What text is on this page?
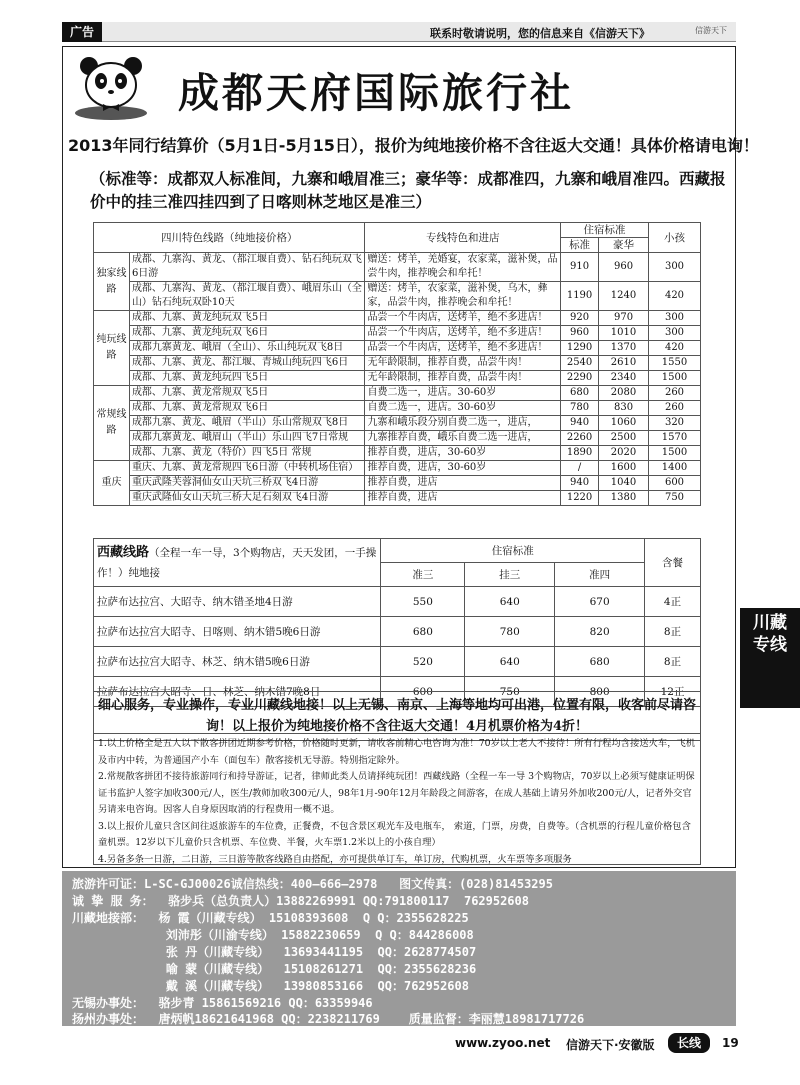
广告	联系时敬请说明，您的信息来自《信游天下》	信游天下
成都天府国际旅行社
2013年同行结算价（5月1日-5月15日），报价为纯地接价格不含往返大交通！具体价格请电询！
（标准等：成都双人标准间，九寨和峨眉准三；豪华等：成都准四，九寨和峨眉准四。西藏报价中的挂三准四挂四到了日喀则林芝地区是准三）
四川特色线路（纯地接价格）		专线特色和进店	住宿标准		小孩
			标准	豪华	
独家线路	成都、九寨沟、黄龙、（都江堰自费）、钻石纯玩双飞6日游	赠送：烤羊，羌婚宴，农家菜，滋补煲，品尝牛肉，推荐晚会和牟托！	910	960	300
	成都、九寨沟、黄龙、（都江堰自费）、峨眉乐山（全山）钻石纯玩双卧10天	赠送：烤羊，农家菜，滋补煲，乌木，彝家，品尝牛肉，推荐晚会和牟托！	1190	1240	420
纯玩线路	成都、九寨、黄龙纯玩双飞5日	品尝一个牛肉店，送烤羊，绝不多进店！	920	970	300
	成都、九寨、黄龙纯玩双飞6日	品尝一个牛肉店，送烤羊，绝不多进店！	960	1010	300
	成都九寨黄龙、峨眉（全山）、乐山纯玩双飞8日	品尝一个牛肉店，送烤羊，绝不多进店！	1290	1370	420
	成都、九寨、黄龙、都江堰、青城山纯玩四飞6日	无年龄限制，推荐自费，品尝牛肉！	2540	2610	1550
	成都、九寨、黄龙纯玩四飞5日	无年龄限制，推荐自费，品尝牛肉！	2290	2340	1500
常规线路	成都、九寨、黄龙常规双飞5日	自费二选一，进店。30-60岁	680	2080	260
	成都、九寨、黄龙常规双飞6日	自费二选一，进店。30-60岁	780	830	260
	成都九寨、黄龙、峨眉（半山）乐山常规双飞8日	九寨和峨乐段分别自费二选一，进店，	940	1060	320
	成都九寨黄龙、峨眉山（半山）乐山四飞7日常规	九寨推荐自费，峨乐自费二选一进店，	2260	2500	1570
	成都、九寨、黄龙（特价）四飞5日 常规	推荐自费，进店，30-60岁	1890	2020	1500
重庆	重庆、九寨、黄龙常规四飞6日游（中转机场住宿）	推荐自费，进店，30-60岁	/	1600	1400
	重庆武隆芙蓉洞仙女山天坑三桥双飞4日游	推荐自费，进店	940	1040	600
	重庆武隆仙女山天坑三桥大足石刻双飞4日游	推荐自费，进店	1220	1380	750
西藏线路（全程一车一导，3个购物店，天天发团，一手操作！）纯地接	住宿标准			含餐
	准三	挂三	准四	
拉萨布达拉宫、大昭寺、纳木错圣地4日游	550	640	670	4正
拉萨布达拉宫大昭寺、日喀则、纳木错5晚6日游	680	780	820	8正
拉萨布达拉宫大昭寺、林芝、纳木错5晚6日游	520	640	680	8正
拉萨布达拉宫大昭寺、日、林芝、纳木错7晚8日	600	750	800	12正
细心服务，专业操作，专业川藏线地接！以上无锡、南京、上海等地均可出港，位置有限，收客前尽请咨询！以上报价为纯地接价格不含往返大交通！4月机票价格为4折！
1.以上价格全是五人以下散客拼团近期参考价格，价格随时更新，请收客前精心电咨询为准！70岁以上老人不接待！所有行程均含接送火车，飞机及市内中转，为普通国产小车（面包车）散客接机无导游。特别指定除外。
2.常规散客拼团不接待旅游同行和持导游证，记者，律师此类人员请择纯玩团！西藏线路（全程一车一导 3个购物店，70岁以上必须写健康证明保证书监护人签字加收300元/人，医生/教师加收300元/人，98年1月-90年12月年龄段之间游客，在成人基础上请另外加收200元/人，记者外交官另请来电咨询。因客人自身原因取消的行程费用一概不退。
3.以上报价儿童只含区间往返旅游车的车位费，正餐费，不包含景区观光车及电瓶车， 索道，门票，房费，自费等。（含机票的行程儿童价格包含童机票。12岁以下儿童价只含机票、车位费、半餐，火车票1.2米以上的小孩自理）
4.另备多条一日游，二日游，三日游等散客线路自由搭配，亦可提供单订车，单订房，代购机票，火车票等多项服务
川藏专线
旅游许可证：L-SC-GJ00026诚信热线：400—666—2978   图文传真：(028)81453295
诚 挚 服 务：  骆步兵（总负责人）13882269991 QQ:791800117  762952608
川藏地接部：  杨 霞（川藏专线） 15108393608  Q Q：2355628225
刘沛彤（川渝专线） 15882230659  Q Q：844286008
张 丹（川藏专线）  13693441195  QQ：2628774507
喻 蒙（川藏专线）  15108261271  QQ：2355628236
戴 溪（川藏专线）  13980853166  QQ：762952608
无锡办事处：  骆步青 15861569216 QQ：63359946
扬州办事处：  唐炳帆18621641968 QQ：2238211769    质量监督：李丽慧18981717726
www.zyoo.net 信游天下·安徽版	长线	19
